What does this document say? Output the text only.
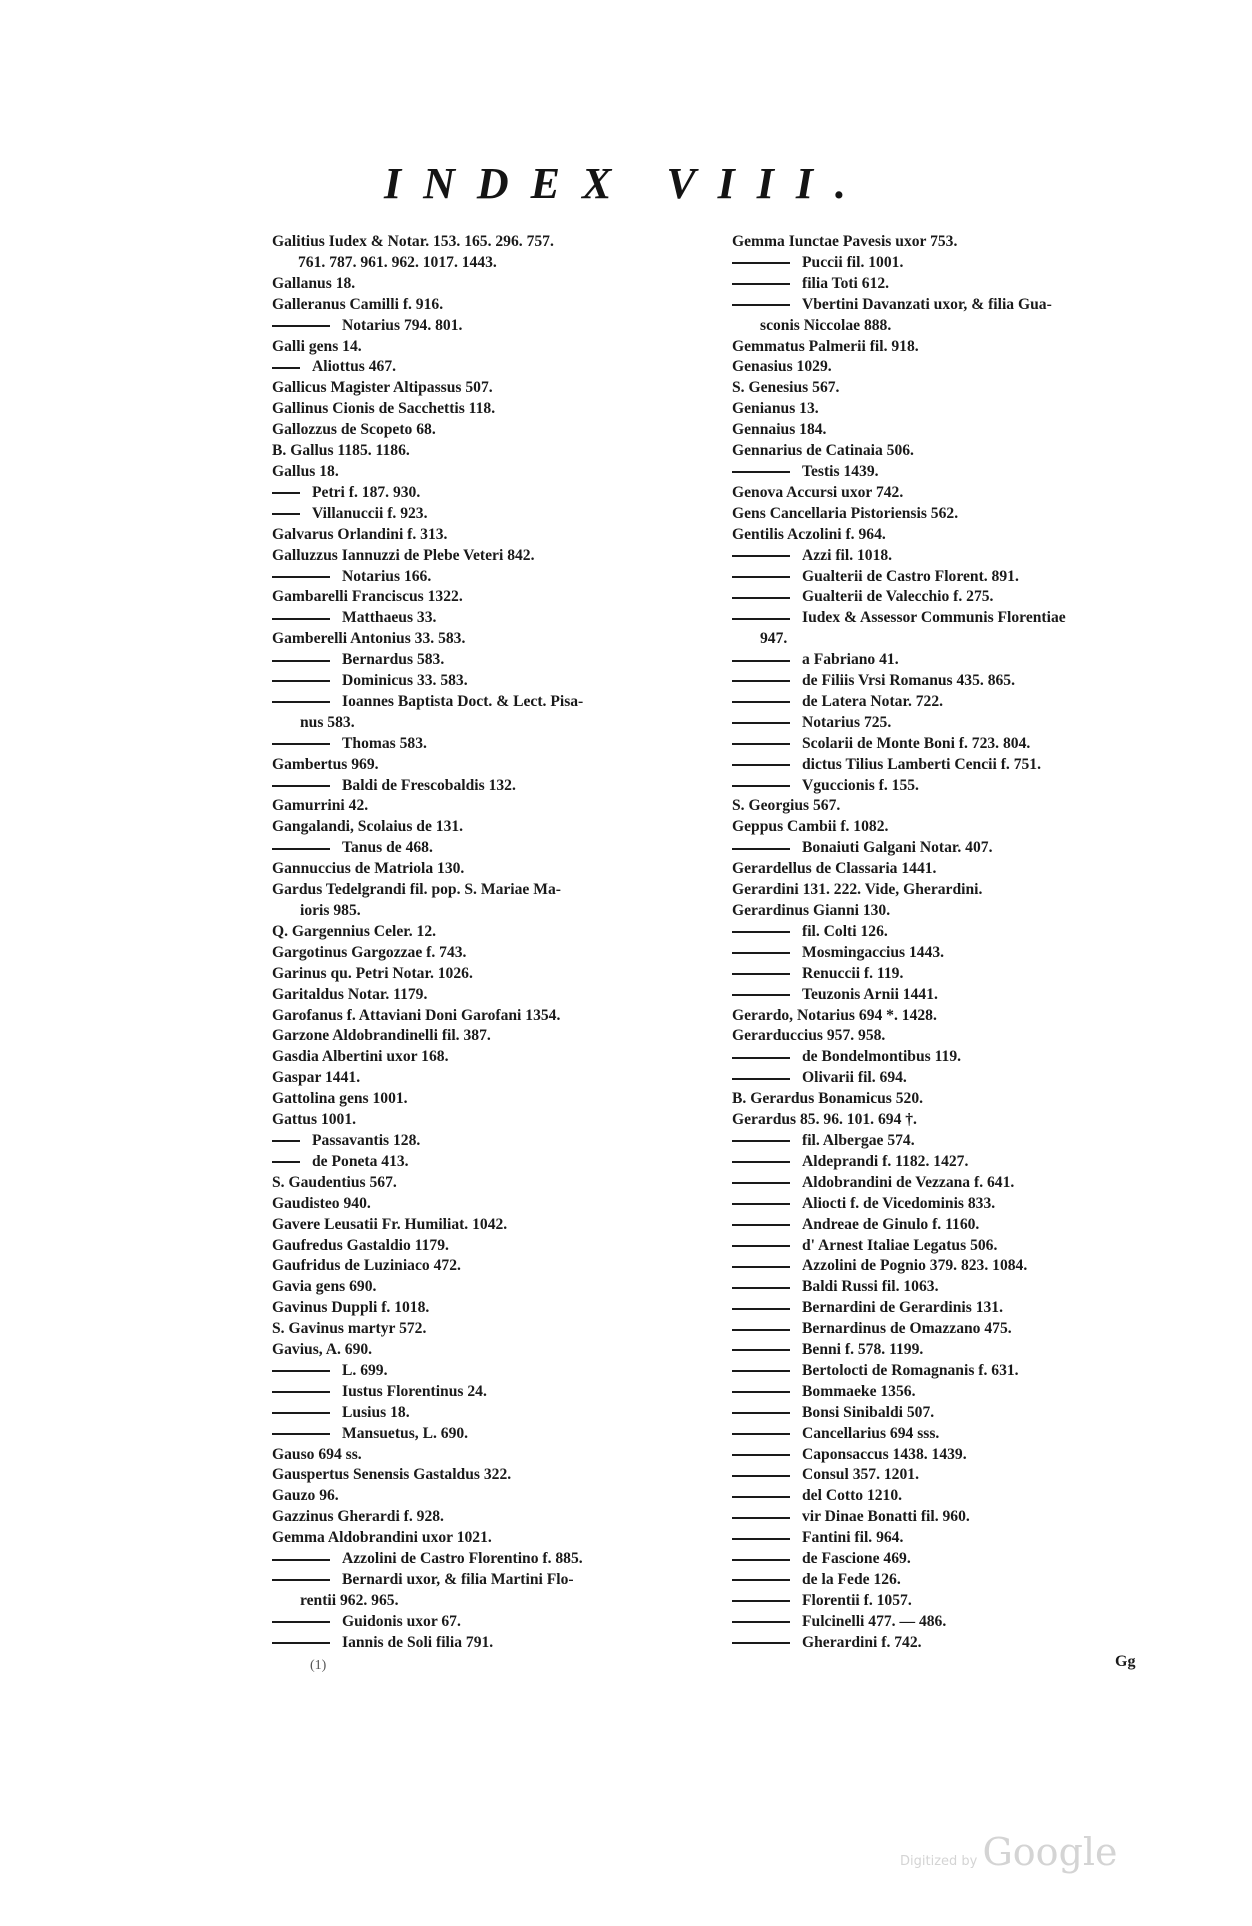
INDEX VIII.
Galitius Iudex & Notar. 153. 165. 296. 757.
761. 787. 961. 962. 1017. 1443.
Gallanus 18.
Galleranus Camilli f. 916.
Notarius 794. 801.
Galli gens 14.
Aliottus 467.
Gallicus Magister Altipassus 507.
Gallinus Cionis de Sacchettis 118.
Gallozzus de Scopeto 68.
B. Gallus 1185. 1186.
Gallus 18.
Petri f. 187. 930.
Villanuccii f. 923.
Galvarus Orlandini f. 313.
Galluzzus Iannuzzi de Plebe Veteri 842.
Notarius 166.
Gambarelli Franciscus 1322.
Matthaeus 33.
Gamberelli Antonius 33. 583.
Bernardus 583.
Dominicus 33. 583.
Ioannes Baptista Doct. & Lect. Pisa-
nus 583.
Thomas 583.
Gambertus 969.
Baldi de Frescobaldis 132.
Gamurrini 42.
Gangalandi, Scolaius de 131.
Tanus de 468.
Gannuccius de Matriola 130.
Gardus Tedelgrandi fil. pop. S. Mariae Ma-
ioris 985.
Q. Gargennius Celer. 12.
Gargotinus Gargozzae f. 743.
Garinus qu. Petri Notar. 1026.
Garitaldus Notar. 1179.
Garofanus f. Attaviani Doni Garofani 1354.
Garzone Aldobrandinelli fil. 387.
Gasdia Albertini uxor 168.
Gaspar 1441.
Gattolina gens 1001.
Gattus 1001.
Passavantis 128.
de Poneta 413.
S. Gaudentius 567.
Gaudisteo 940.
Gavere Leusatii Fr. Humiliat. 1042.
Gaufredus Gastaldio 1179.
Gaufridus de Luziniaco 472.
Gavia gens 690.
Gavinus Duppli f. 1018.
S. Gavinus martyr 572.
Gavius, A. 690.
L. 699.
Iustus Florentinus 24.
Lusius 18.
Mansuetus, L. 690.
Gauso 694 ss.
Gauspertus Senensis Gastaldus 322.
Gauzo 96.
Gazzinus Gherardi f. 928.
Gemma Aldobrandini uxor 1021.
Azzolini de Castro Florentino f. 885.
Bernardi uxor, & filia Martini Flo-
rentii 962. 965.
Guidonis uxor 67.
Iannis de Soli filia 791.
Gemma Iunctae Pavesis uxor 753.
Puccii fil. 1001.
filia Toti 612.
Vbertini Davanzati uxor, & filia Gua-
sconis Niccolae 888.
Gemmatus Palmerii fil. 918.
Genasius 1029.
S. Genesius 567.
Genianus 13.
Gennaius 184.
Gennarius de Catinaia 506.
Testis 1439.
Genova Accursi uxor 742.
Gens Cancellaria Pistoriensis 562.
Gentilis Aczolini f. 964.
Azzi fil. 1018.
Gualterii de Castro Florent. 891.
Gualterii de Valecchio f. 275.
Iudex & Assessor Communis Florentiae
947.
a Fabriano 41.
de Filiis Vrsi Romanus 435. 865.
de Latera Notar. 722.
Notarius 725.
Scolarii de Monte Boni f. 723. 804.
dictus Tilius Lamberti Cencii f. 751.
Vguccionis f. 155.
S. Georgius 567.
Geppus Cambii f. 1082.
Bonaiuti Galgani Notar. 407.
Gerardellus de Classaria 1441.
Gerardini 131. 222. Vide, Gherardini.
Gerardinus Gianni 130.
fil. Colti 126.
Mosmingaccius 1443.
Renuccii f. 119.
Teuzonis Arnii 1441.
Gerardo, Notarius 694 *. 1428.
Gerarduccius 957. 958.
de Bondelmontibus 119.
Olivarii fil. 694.
B. Gerardus Bonamicus 520.
Gerardus 85. 96. 101. 694 †.
fil. Albergae 574.
Aldeprandi f. 1182. 1427.
Aldobrandini de Vezzana f. 641.
Aliocti f. de Vicedominis 833.
Andreae de Ginulo f. 1160.
d' Arnest Italiae Legatus 506.
Azzolini de Pognio 379. 823. 1084.
Baldi Russi fil. 1063.
Bernardini de Gerardinis 131.
Bernardinus de Omazzano 475.
Benni f. 578. 1199.
Bertolocti de Romagnanis f. 631.
Bommaeke 1356.
Bonsi Sinibaldi 507.
Cancellarius 694 sss.
Caponsaccus 1438. 1439.
Consul 357. 1201.
del Cotto 1210.
vir Dinae Bonatti fil. 960.
Fantini fil. 964.
de Fascione 469.
de la Fede 126.
Florentii f. 1057.
Fulcinelli 477. — 486.
Gherardini f. 742.
(1)	Gg
Digitized by Google
